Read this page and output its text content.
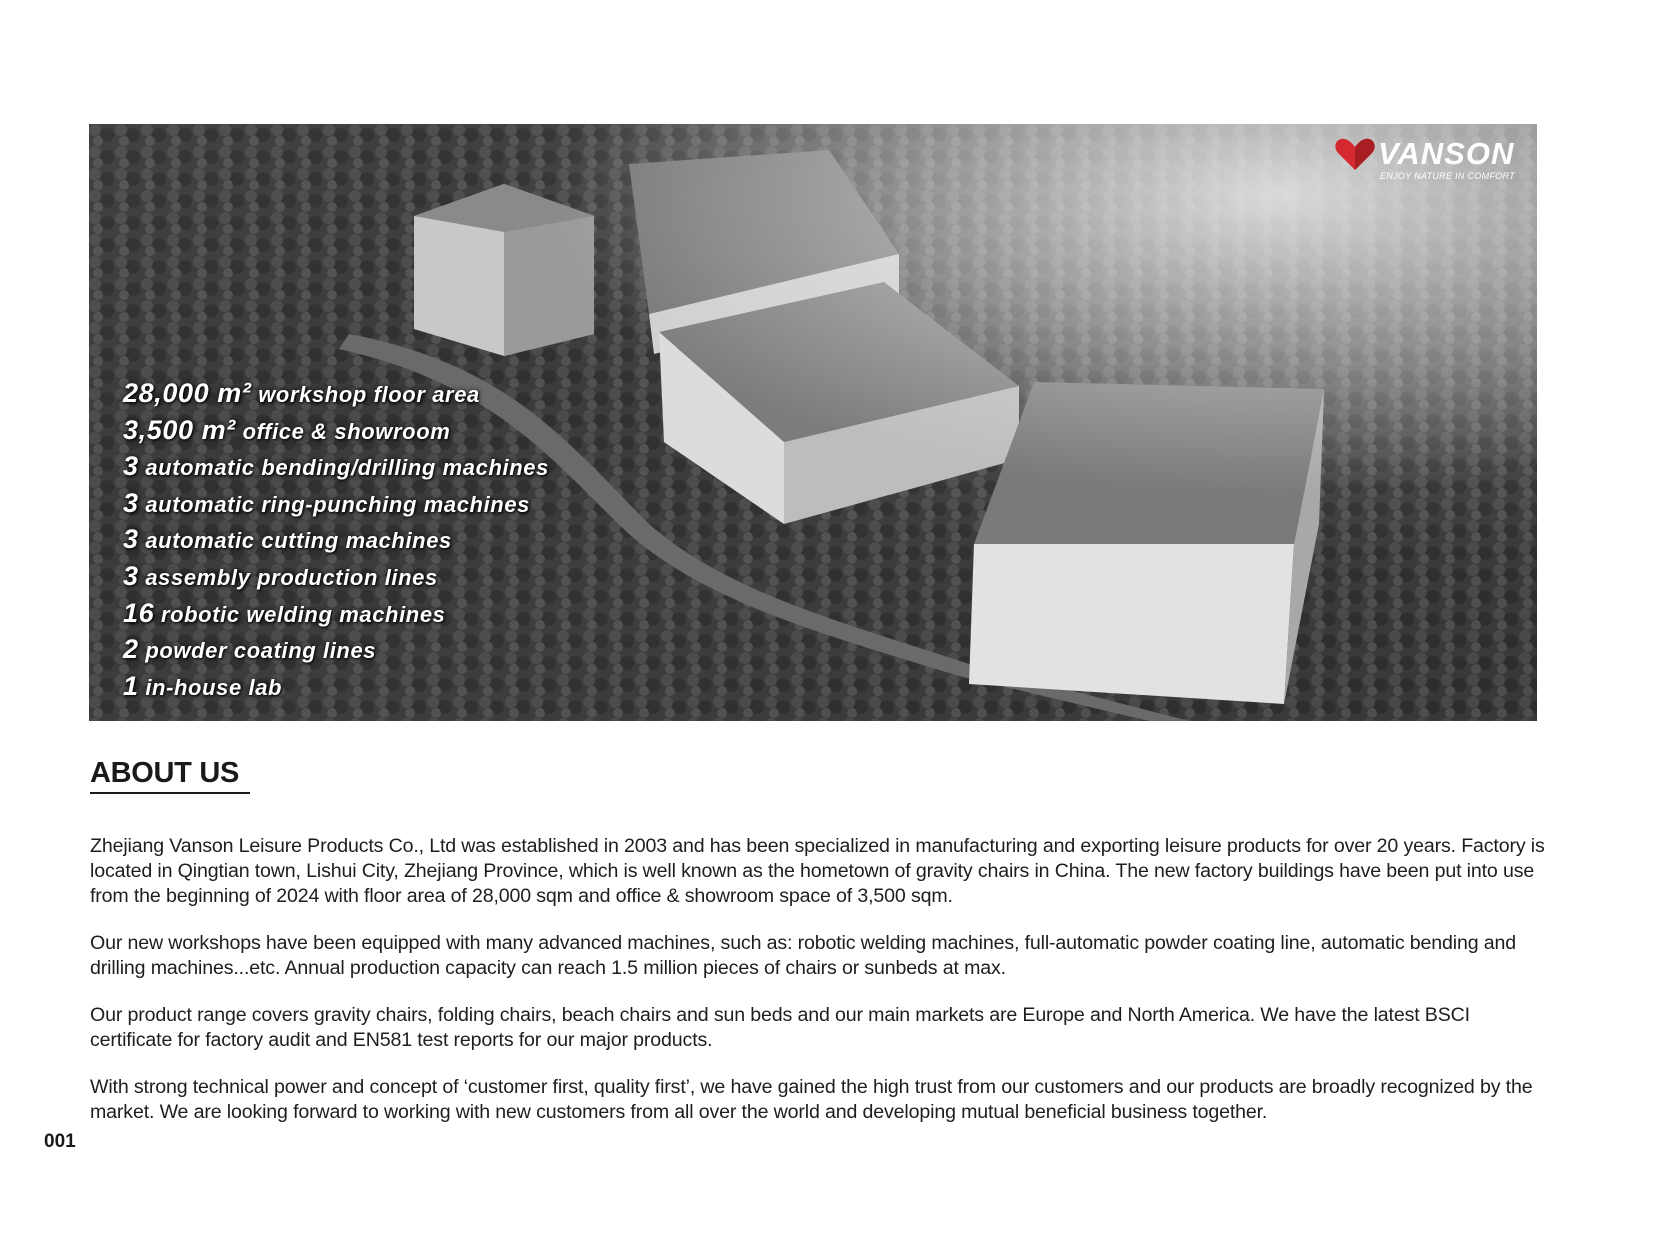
28,000 m² workshop floor area
3,500 m² office & showroom
3 automatic bending/drilling machines
3 automatic ring-punching machines
3 automatic cutting machines
3 assembly production lines
16 robotic welding machines
2 powder coating lines
1 in-house lab
VANSON
ENJOY NATURE IN COMFORT
ABOUT US

Zhejiang Vanson Leisure Products Co., Ltd was established in 2003 and has been specialized in manufacturing and exporting leisure products for over 20 years. Factory is located in Qingtian town, Lishui City, Zhejiang Province, which is well known as the hometown of gravity chairs in China. The new factory buildings have been put into use from the beginning of 2024 with floor area of 28,000 sqm and office & showroom space of 3,500 sqm.

Our new workshops have been equipped with many advanced machines, such as: robotic welding machines, full-automatic powder coating line, automatic bending and drilling machines...etc. Annual production capacity can reach 1.5 million pieces of chairs or sunbeds at max.

Our product range covers gravity chairs, folding chairs, beach chairs and sun beds and our main markets are Europe and North America. We have the latest BSCI certificate for factory audit and EN581 test reports for our major products.

With strong technical power and concept of ‘customer first, quality first’, we have gained the high trust from our customers and our products are broadly recognized by the market. We are looking forward to working with new customers from all over the world and developing mutual beneficial business together.

001
